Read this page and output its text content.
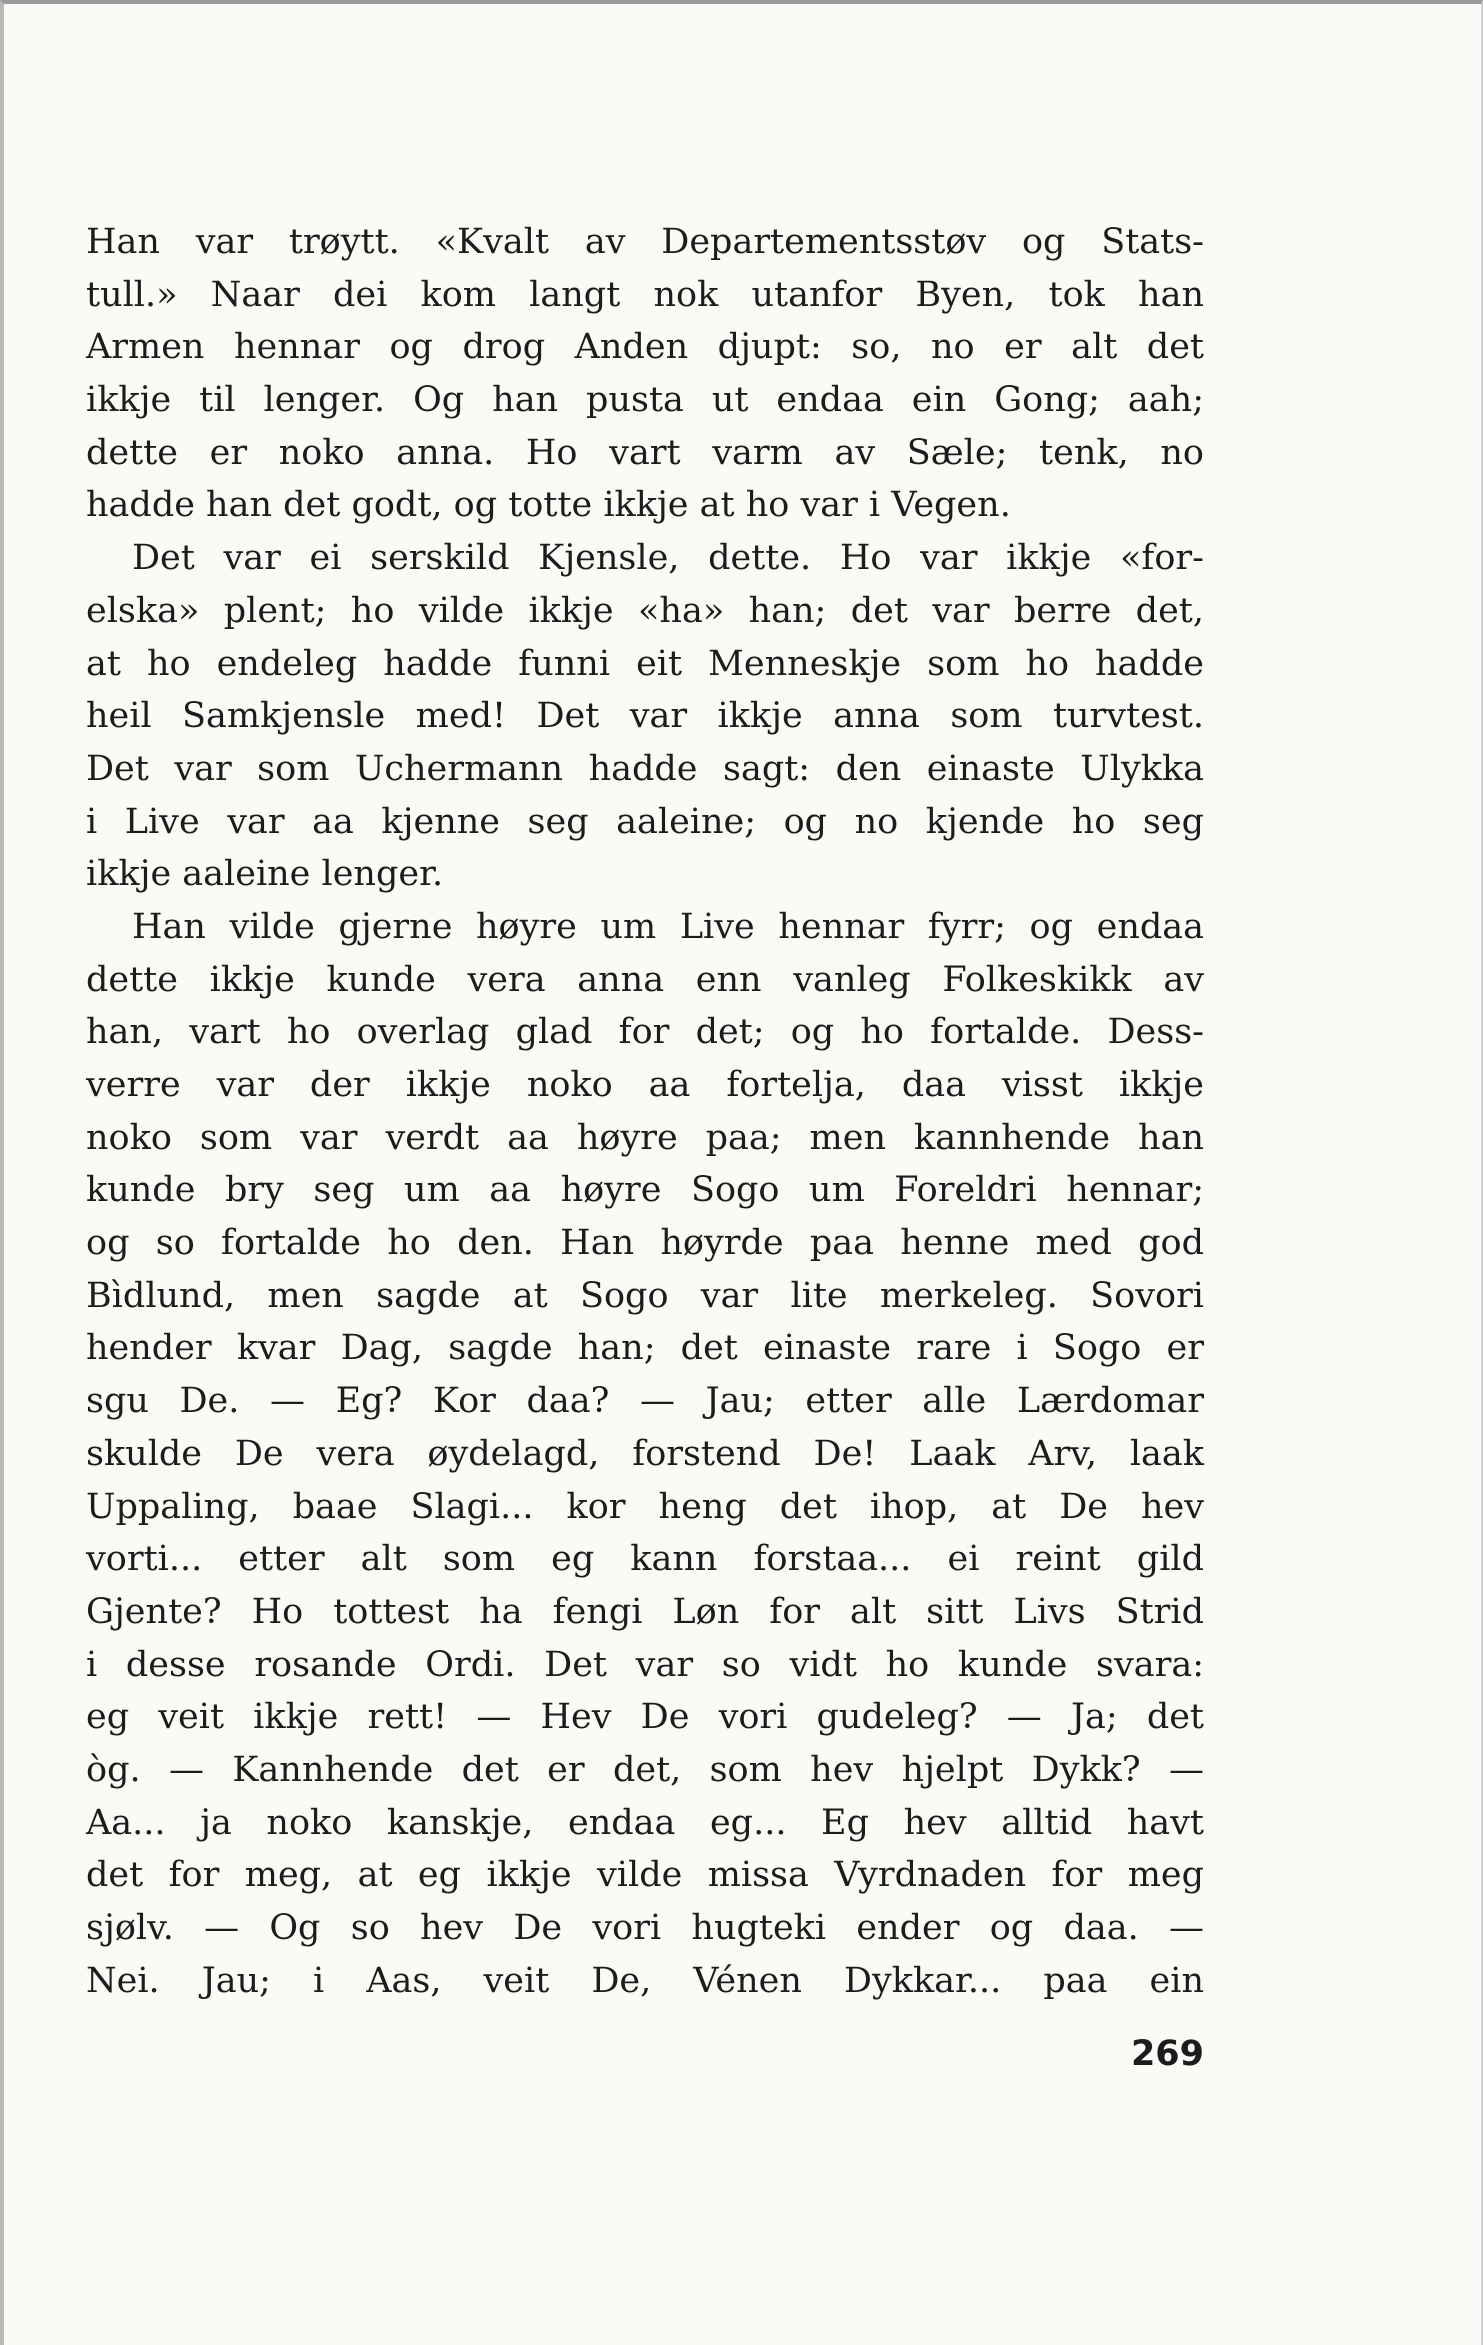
Han var trøytt. «Kvalt av Departementsstøv og Stats-
tull.» Naar dei kom langt nok utanfor Byen, tok han
Armen hennar og drog Anden djupt: so, no er alt det
ikkje til lenger. Og han pusta ut endaa ein Gong; aah;
dette er noko anna. Ho vart varm av Sæle; tenk, no
hadde han det godt, og totte ikkje at ho var i Vegen.
Det var ei serskild Kjensle, dette. Ho var ikkje «for-
elska» plent; ho vilde ikkje «ha» han; det var berre det,
at ho endeleg hadde funni eit Menneskje som ho hadde
heil Samkjensle med! Det var ikkje anna som turvtest.
Det var som Uchermann hadde sagt: den einaste Ulykka
i Live var aa kjenne seg aaleine; og no kjende ho seg
ikkje aaleine lenger.
Han vilde gjerne høyre um Live hennar fyrr; og endaa
dette ikkje kunde vera anna enn vanleg Folkeskikk av
han, vart ho overlag glad for det; og ho fortalde. Dess-
verre var der ikkje noko aa fortelja, daa visst ikkje
noko som var verdt aa høyre paa; men kannhende han
kunde bry seg um aa høyre Sogo um Foreldri hennar;
og so fortalde ho den. Han høyrde paa henne med god
Bìdlund, men sagde at Sogo var lite merkeleg. Sovori
hender kvar Dag, sagde han; det einaste rare i Sogo er
sgu De. — Eg? Kor daa? — Jau; etter alle Lærdomar
skulde De vera øydelagd, forstend De! Laak Arv, laak
Uppaling, baae Slagi... kor heng det ihop, at De hev
vorti... etter alt som eg kann forstaa... ei reint gild
Gjente? Ho tottest ha fengi Løn for alt sitt Livs Strid
i desse rosande Ordi. Det var so vidt ho kunde svara:
eg veit ikkje rett! — Hev De vori gudeleg? — Ja; det
òg. — Kannhende det er det, som hev hjelpt Dykk? —
Aa... ja noko kanskje, endaa eg... Eg hev alltid havt
det for meg, at eg ikkje vilde missa Vyrdnaden for meg
sjølv. — Og so hev De vori hugteki ender og daa. —
Nei. Jau; i Aas, veit De, Vénen Dykkar... paa ein
269
